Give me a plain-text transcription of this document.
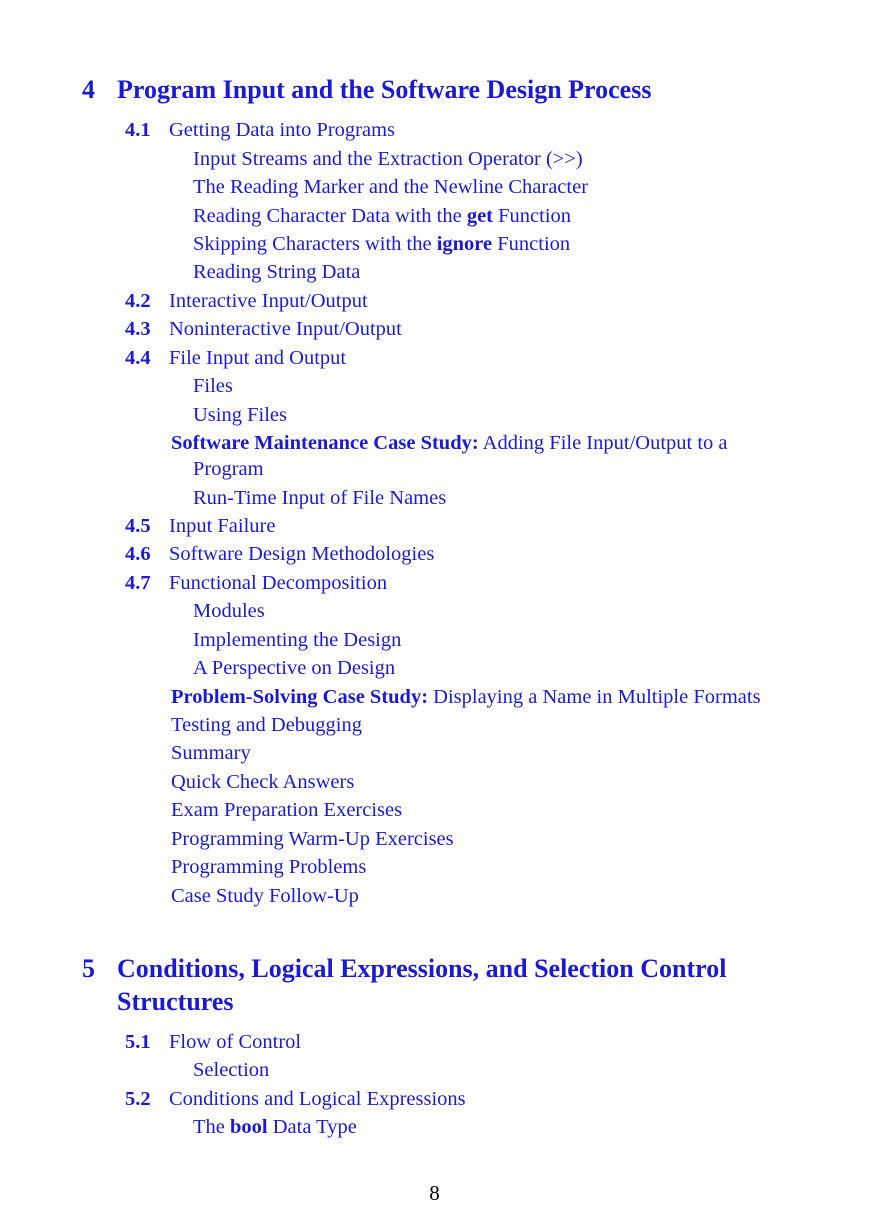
4 Program Input and the Software Design Process
4.1 Getting Data into Programs
Input Streams and the Extraction Operator (>>)
The Reading Marker and the Newline Character
Reading Character Data with the get Function
Skipping Characters with the ignore Function
Reading String Data
4.2 Interactive Input/Output
4.3 Noninteractive Input/Output
4.4 File Input and Output
Files
Using Files
Software Maintenance Case Study: Adding File Input/Output to a
Program
Run-Time Input of File Names
4.5 Input Failure
4.6 Software Design Methodologies
4.7 Functional Decomposition
Modules
Implementing the Design
A Perspective on Design
Problem-Solving Case Study: Displaying a Name in Multiple Formats
Testing and Debugging
Summary
Quick Check Answers
Exam Preparation Exercises
Programming Warm-Up Exercises
Programming Problems
Case Study Follow-Up
5 Conditions, Logical Expressions, and Selection Control
Structures
5.1 Flow of Control
Selection
5.2 Conditions and Logical Expressions
The bool Data Type
8
